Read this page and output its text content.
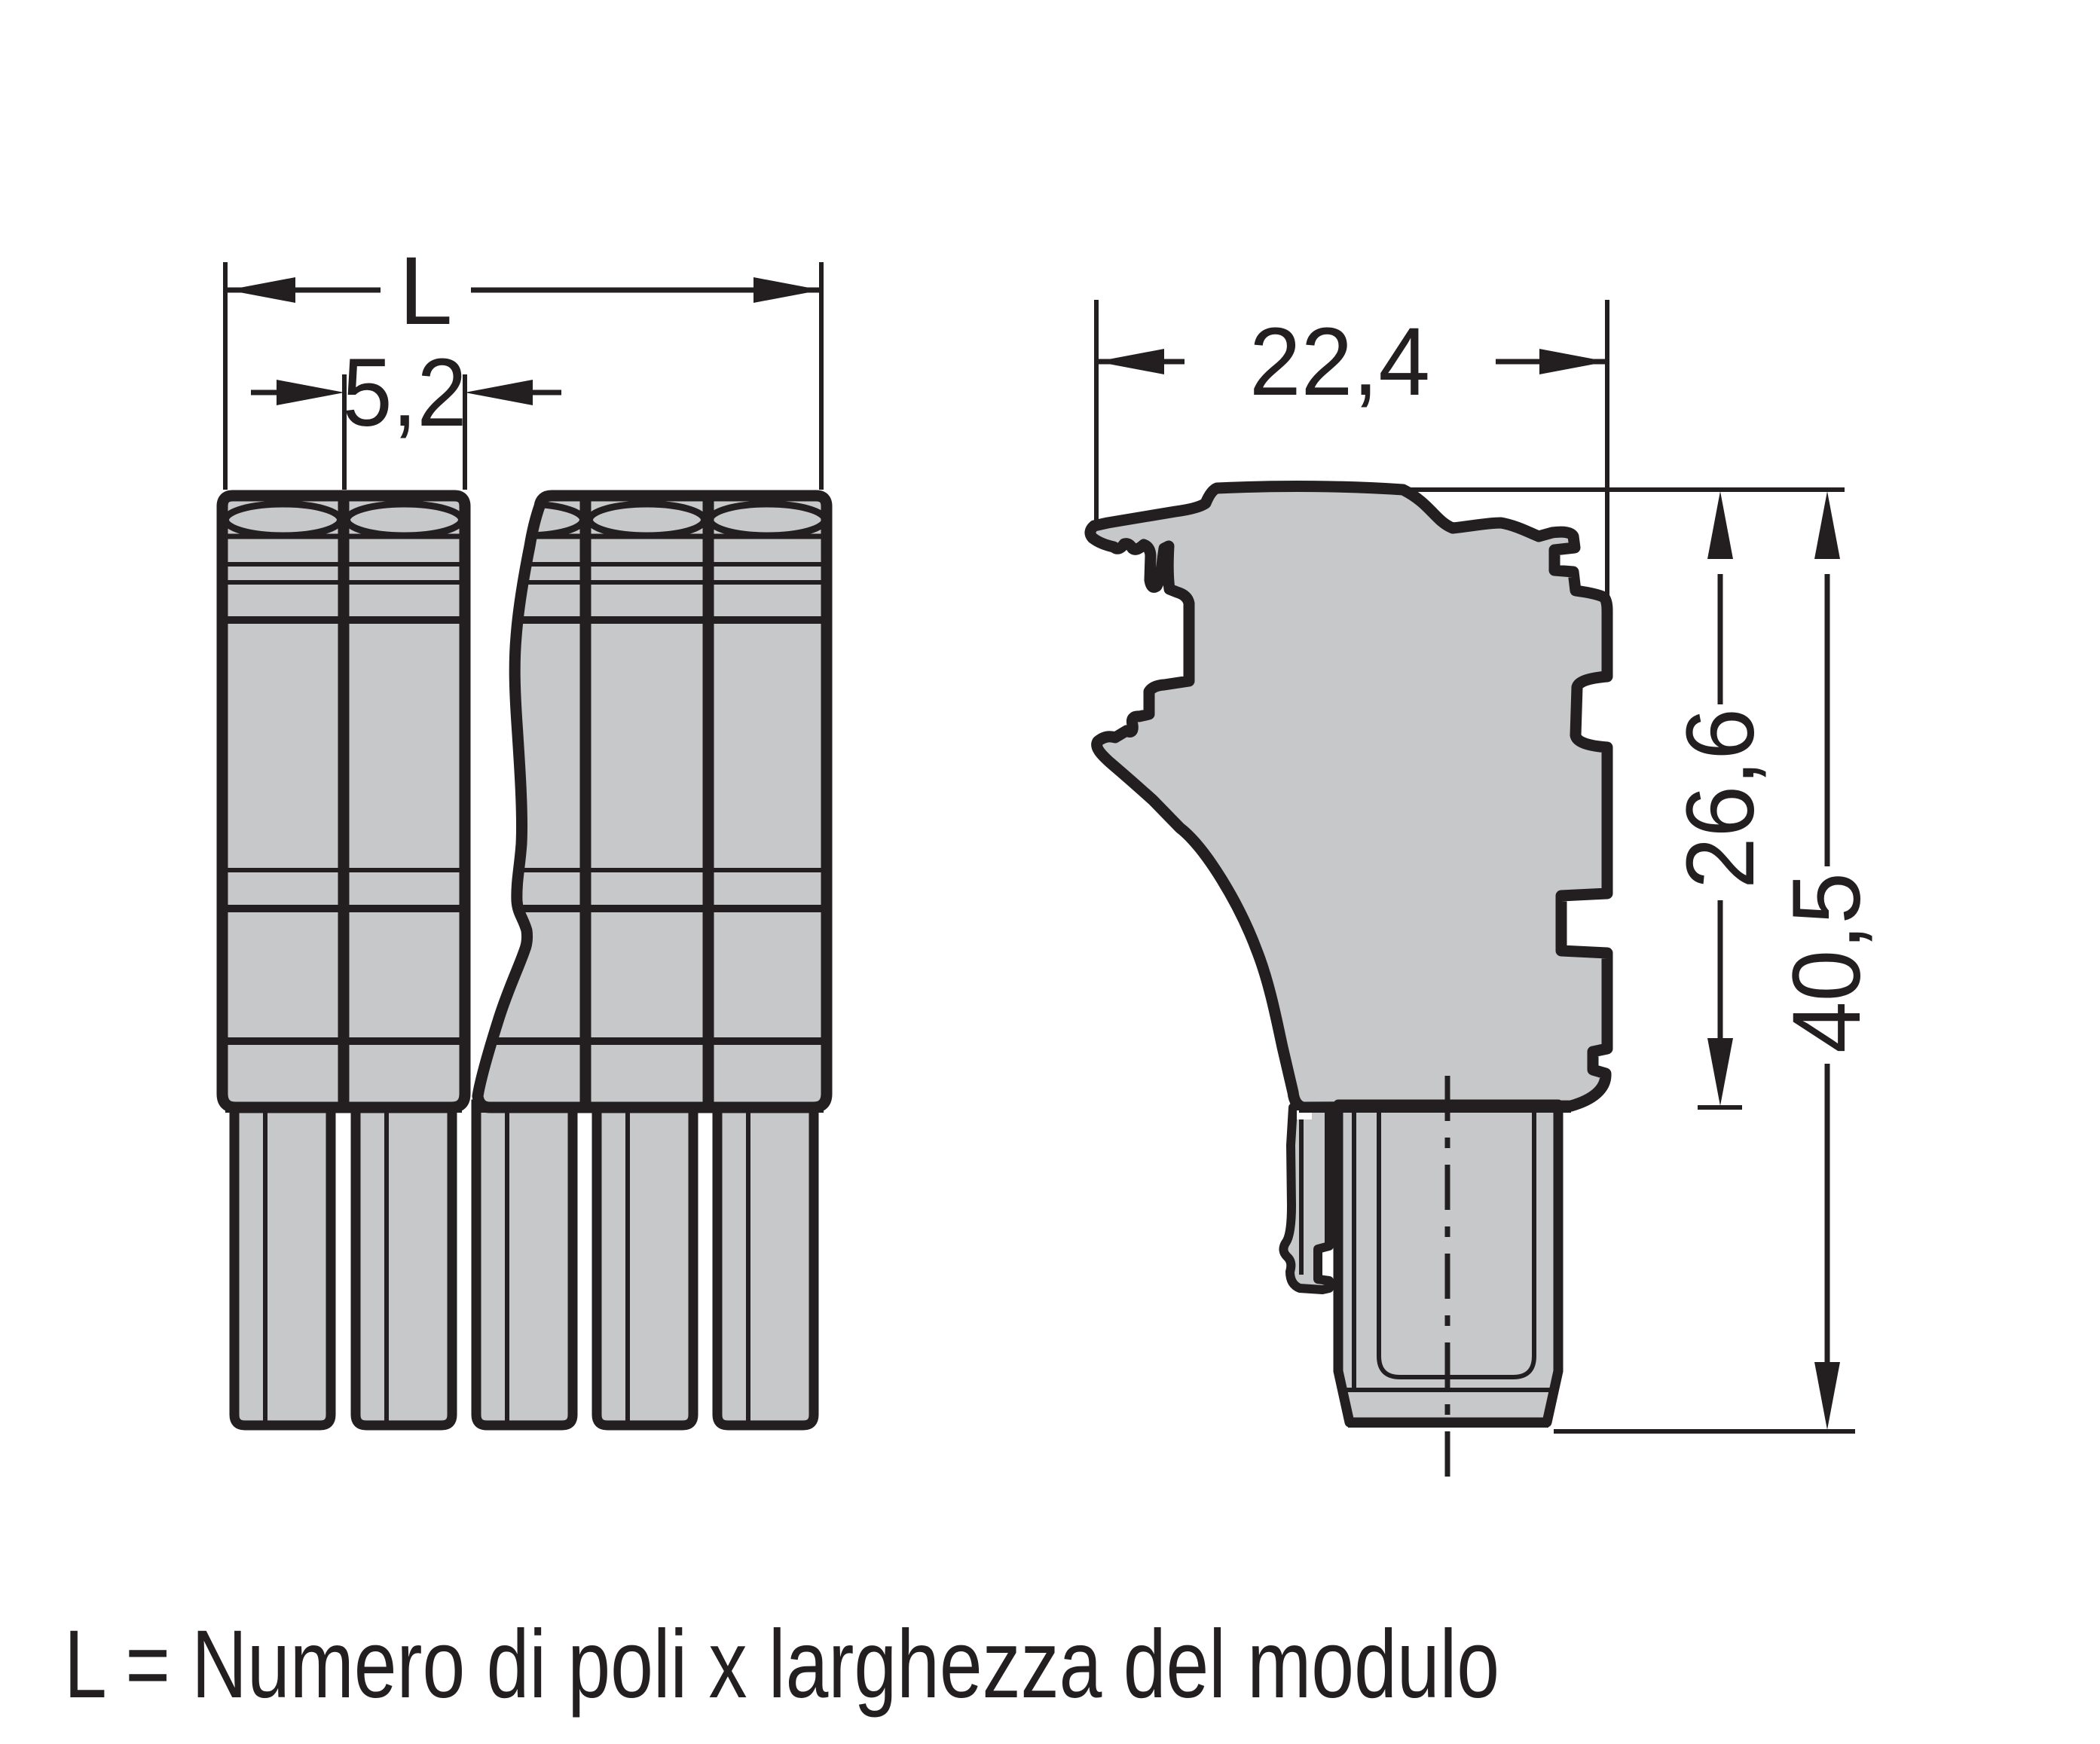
L
5,2	22,4
26,6
40,5
L = Numero di poli x larghezza del modulo
